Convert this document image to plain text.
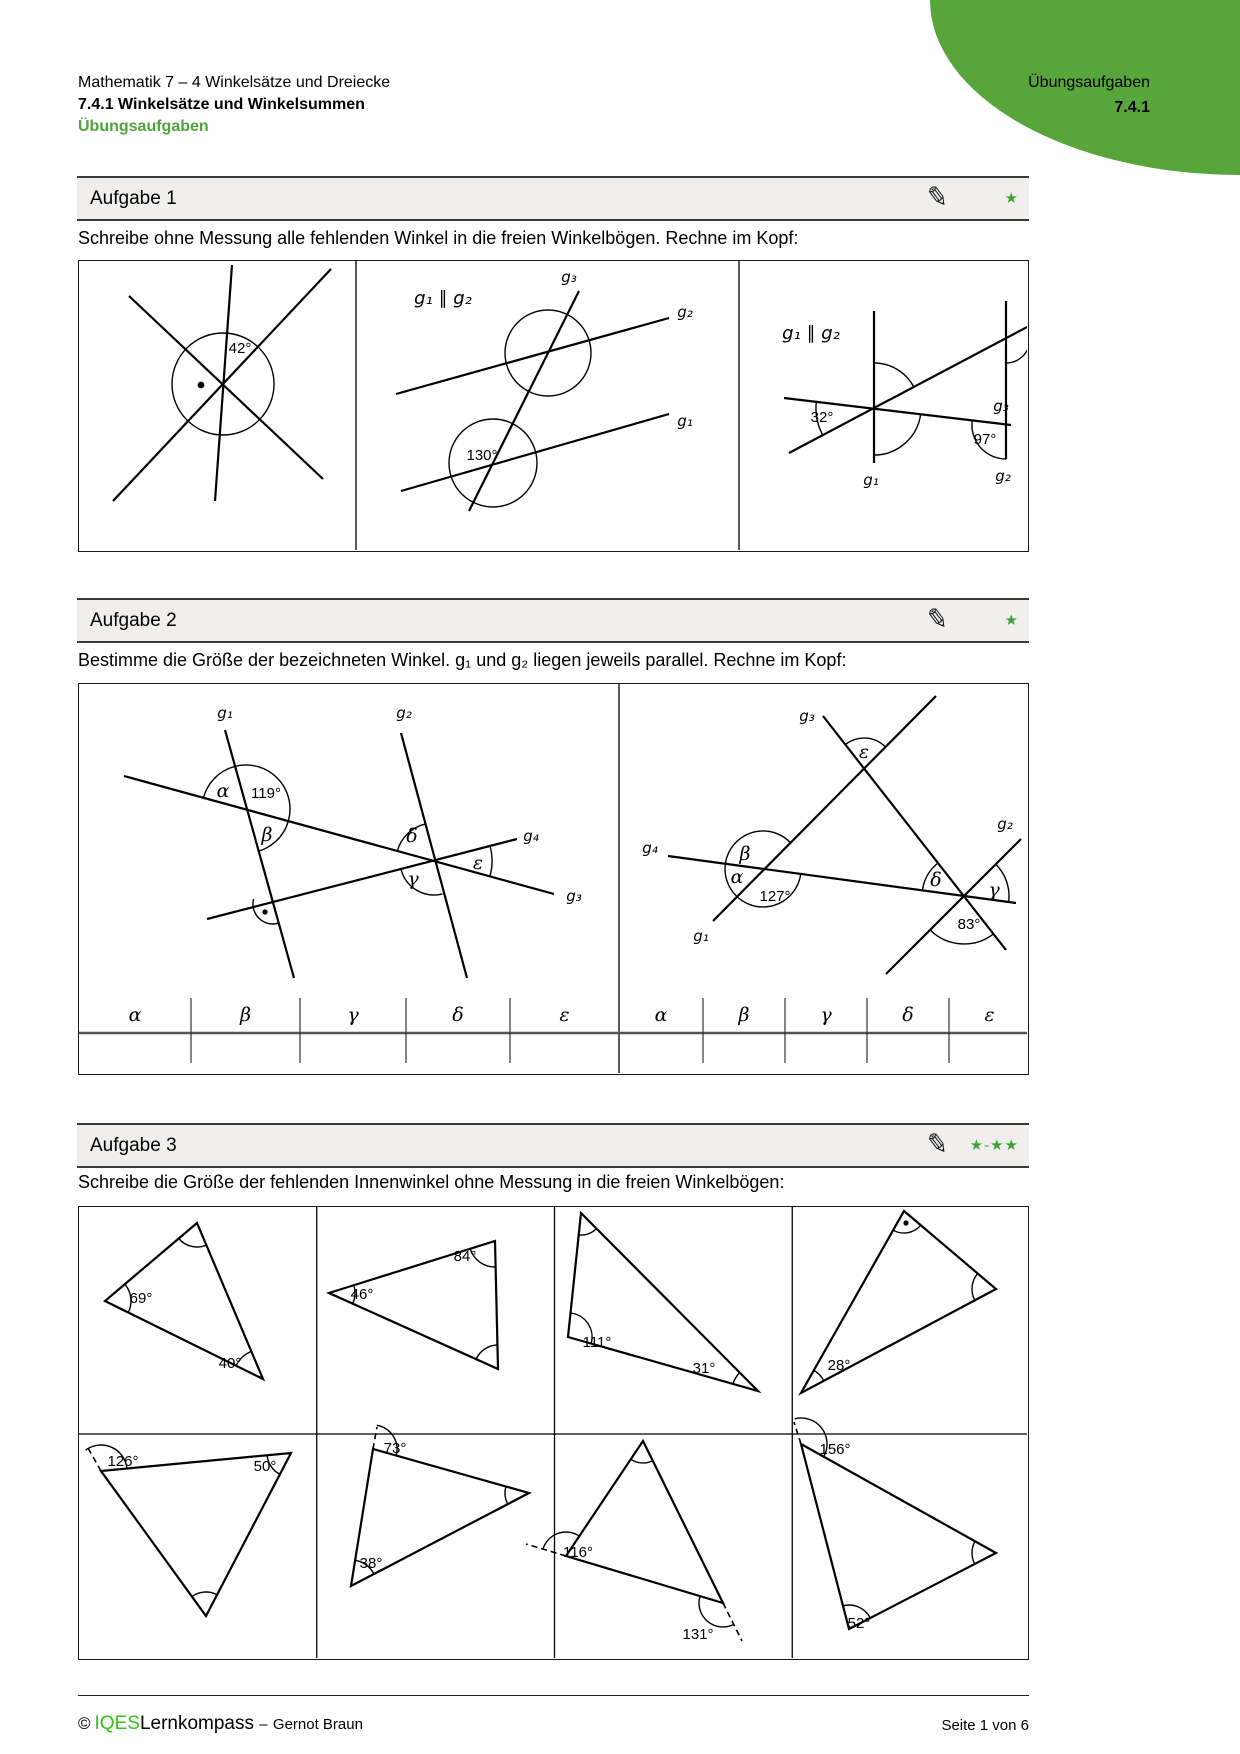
Übungsaufgaben
7.4.1
Mathematik 7 – 4 Winkelsätze und Dreiecke
7.4.1 Winkelsätze und Winkelsummen
Übungsaufgaben
Aufgabe 1	✎	★
Schreibe ohne Messung alle fehlenden Winkel in die freien Winkelbögen. Rechne im Kopf:
42°
g₁ ∥ g₂
g₃
g₂
g₁
130°
g₁ ∥ g₂
32°
97°
g₁	g₂
g₃
Aufgabe 2	✎	★
Bestimme die Größe der bezeichneten Winkel. g₁ und g₂ liegen jeweils parallel. Rechne im Kopf:
g₁	g₂
g₃
g₄
α 119°
β	δ
γ
ε
g₃
g₁
g₄
g₂
ε
β
α
127°
δ γ
83°
α	β	γ	δ	ε	α	β	γ	δ	ε
Aufgabe 3	✎ ★-★★
Schreibe die Größe der fehlenden Innenwinkel ohne Messung in die freien Winkelbögen:
69°
40°
46°
84°
111°
31°	28°
126°	50°
73°
38°
116°
131°
156°
52°
© IQESLernkompass – Gernot Braun	Seite 1 von 6
